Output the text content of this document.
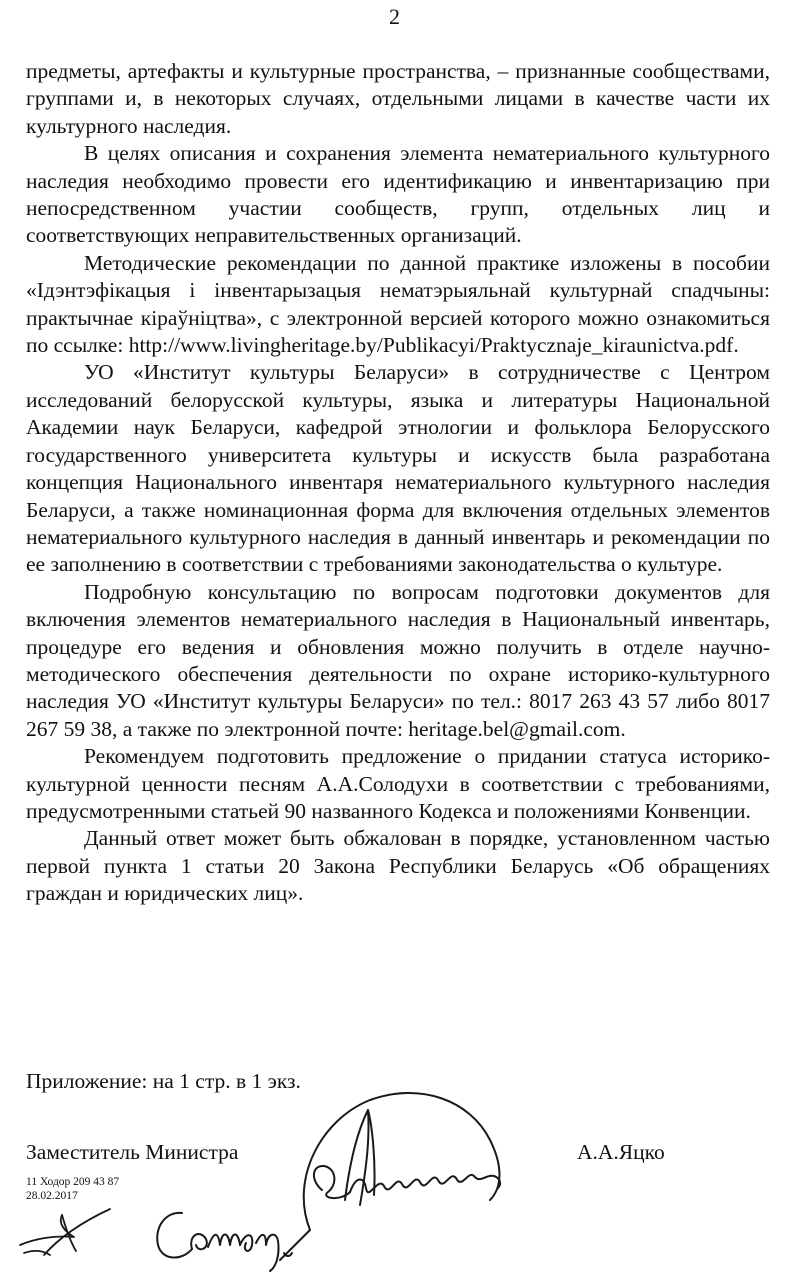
2

предметы, артефакты и культурные пространства, – признанные сообществами, группами и, в некоторых случаях, отдельными лицами в качестве части их культурного наследия.

В целях описания и сохранения элемента нематериального культурного наследия необходимо провести его идентификацию и инвентаризацию при непосредственном участии сообществ, групп, отдельных лиц и соответствующих неправительственных организаций.

Методические рекомендации по данной практике изложены в пособии «Ідэнтэфікацыя і інвентарызацыя нематэрыяльнай культурнай спадчыны: практычнае кіраўніцтва», с электронной версией которого можно ознакомиться по ссылке: http://www.livingheritage.by/Publikacyi/Praktycznaje_kiraunictva.pdf.

УО «Институт культуры Беларуси» в сотрудничестве с Центром исследований белорусской культуры, языка и литературы Национальной Академии наук Беларуси, кафедрой этнологии и фольклора Белорусского государственного университета культуры и искусств была разработана концепция Национального инвентаря нематериального культурного наследия Беларуси, а также номинационная форма для включения отдельных элементов нематериального культурного наследия в данный инвентарь и рекомендации по ее заполнению в соответствии с требованиями законодательства о культуре.

Подробную консультацию по вопросам подготовки документов для включения элементов нематериального наследия в Национальный инвентарь, процедуре его ведения и обновления можно получить в отделе научно-методического обеспечения деятельности по охране историко-культурного наследия УО «Институт культуры Беларуси» по тел.: 8017 263 43 57 либо 8017 267 59 38, а также по электронной почте: heritage.bel@gmail.com.

Рекомендуем подготовить предложение о придании статуса историко-культурной ценности песням А.А.Солодухи в соответствии с требованиями, предусмотренными статьей 90 названного Кодекса и положениями Конвенции.

Данный ответ может быть обжалован в порядке, установленном частью первой пункта 1 статьи 20 Закона Республики Беларусь «Об обращениях граждан и юридических лиц».

Приложение: на 1 стр. в 1 экз.
Заместитель Министра	А.А.Яцко
11 Ходор 209 43 87
28.02.2017
